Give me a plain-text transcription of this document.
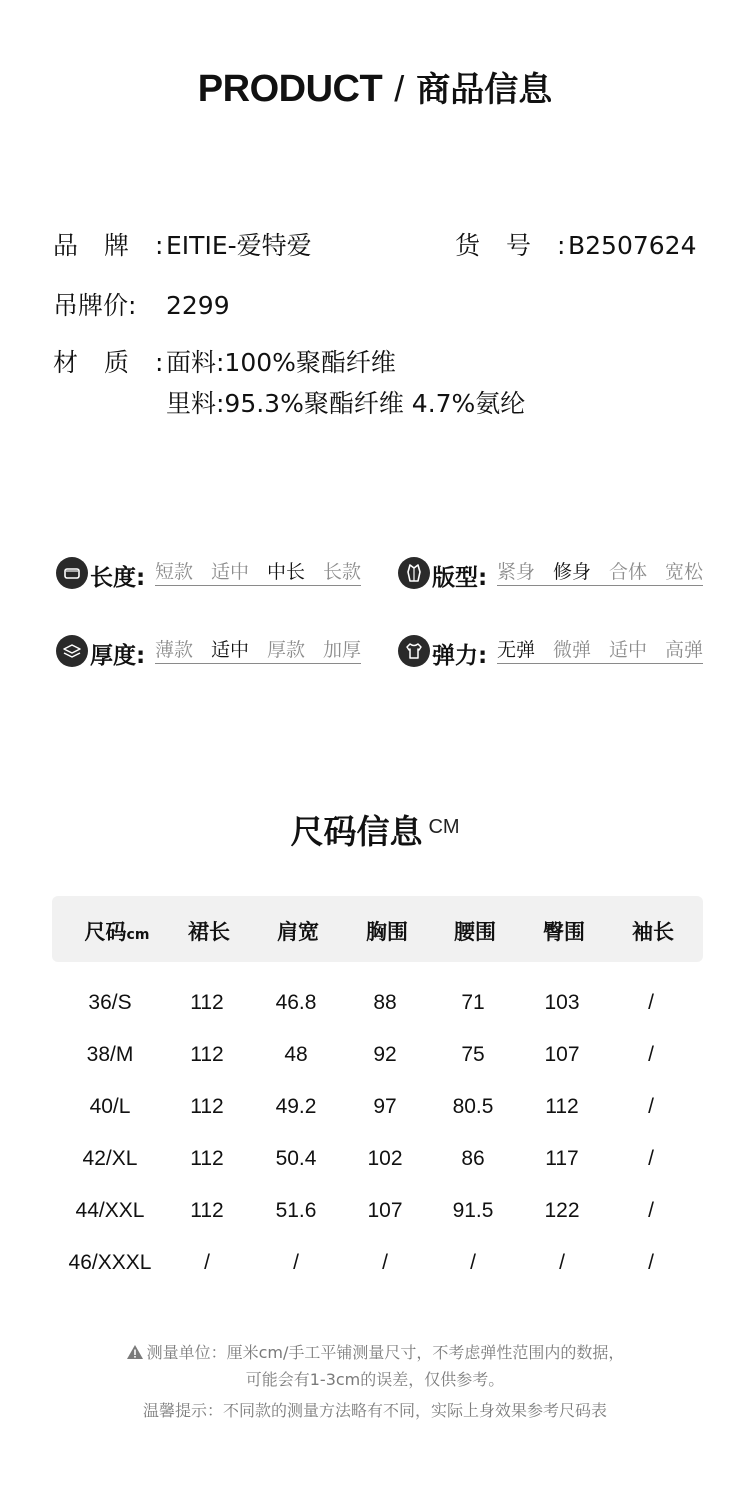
PRODUCT / 商品信息
品牌:
EITIE-爱特爱	货号:
B2507624
吊牌价:	2299
材质:
面料:100%聚酯纤维
里料:95.3%聚酯纤维 4.7%氨纶
长度: 短款 适中 中长 长款	版型: 紧身 修身 合体 宽松
厚度: 薄款 适中 厚款 加厚	弹力: 无弹 微弹 适中 高弹
尺码信息 CM
尺码cm	裙长	肩宽	胸围	腰围	臀围	袖长
36/S	112	46.8	88	71	103	/
38/M	112	48	92	75	107	/
40/L	112	49.2	97	80.5	112	/
42/XL	112	50.4	102	86	117	/
44/XXL	112	51.6	107	91.5	122	/
46/XXXL	/	/	/	/	/	/
测量单位：厘米cm/手工平铺测量尺寸，不考虑弹性范围内的数据，
可能会有1-3cm的误差，仅供参考。
温馨提示：不同款的测量方法略有不同，实际上身效果参考尺码表
